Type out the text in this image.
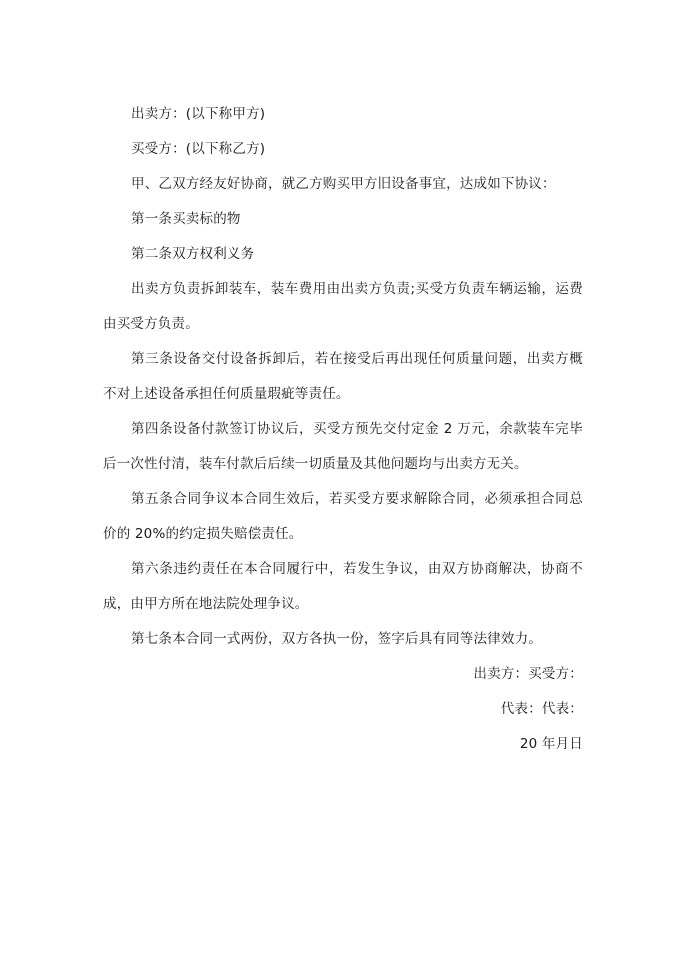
出卖方：(以下称甲方)

买受方：(以下称乙方)

甲、乙双方经友好协商，就乙方购买甲方旧设备事宜，达成如下协议：

第一条买卖标的物

第二条双方权利义务

出卖方负责拆卸装车，装车费用由出卖方负责;买受方负责车辆运输，运费由买受方负责。

第三条设备交付设备拆卸后，若在接受后再出现任何质量问题，出卖方概不对上述设备承担任何质量瑕疵等责任。

第四条设备付款签订协议后，买受方预先交付定金 2 万元，余款装车完毕后一次性付清，装车付款后后续一切质量及其他问题均与出卖方无关。

第五条合同争议本合同生效后，若买受方要求解除合同，必须承担合同总价的 20%的约定损失赔偿责任。

第六条违约责任在本合同履行中，若发生争议，由双方协商解决，协商不成，由甲方所在地法院处理争议。

第七条本合同一式两份，双方各执一份，签字后具有同等法律效力。

出卖方：买受方：

代表：代表：

20 年月日
